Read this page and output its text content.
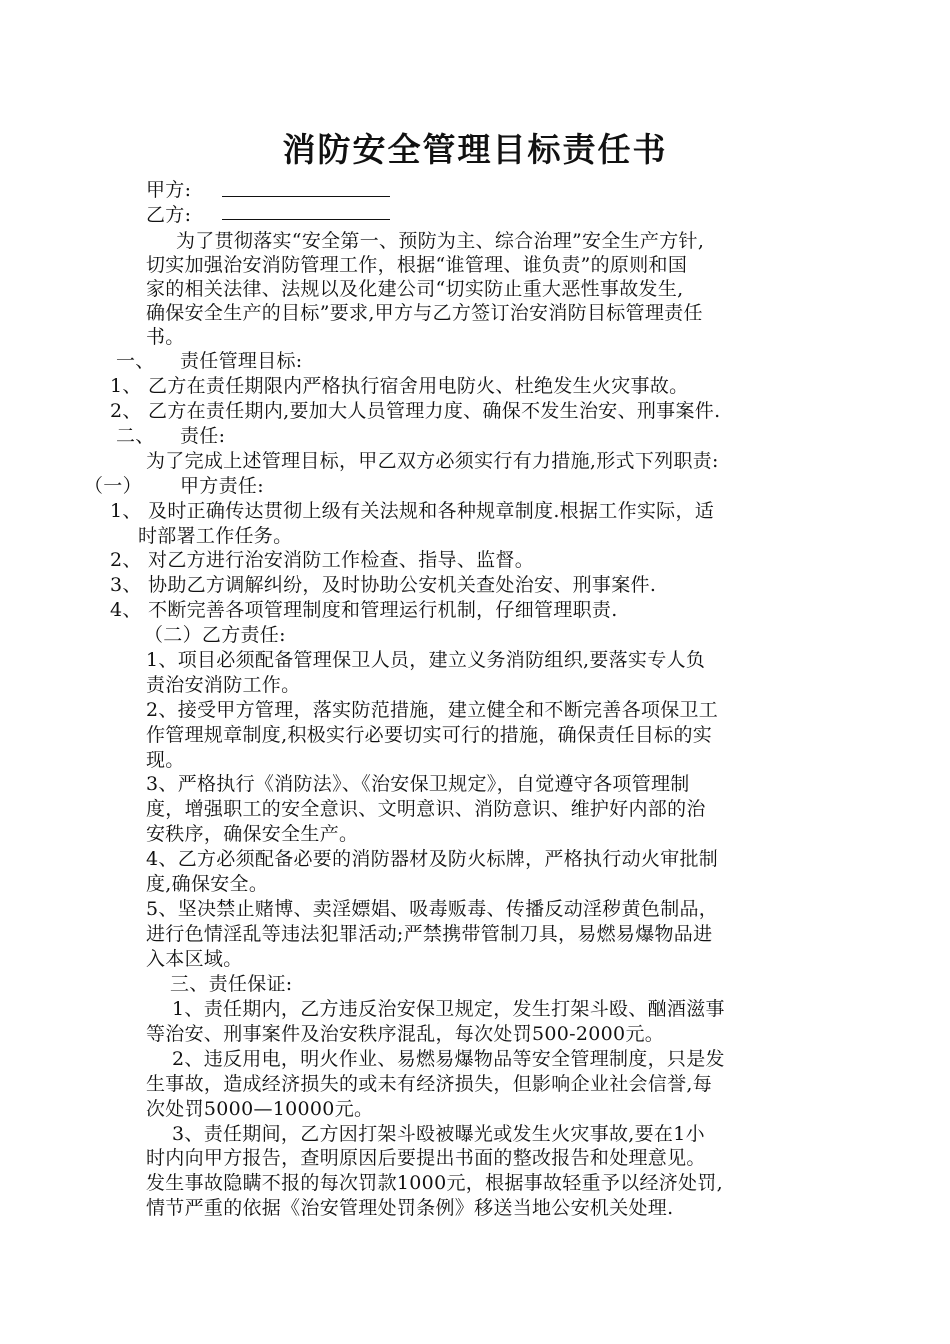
消防安全管理目标责任书
甲方:
乙方:
为了贯彻落实“安全第一、预防为主、综合治理”安全生产方针,
切实加强治安消防管理工作，根据“谁管理、谁负责”的原则和国
家的相关法律、法规以及化建公司“切实防止重大恶性事故发生,
确保安全生产的目标”要求,甲方与乙方签订治安消防目标管理责任
书。
一、 责任管理目标:
1、 乙方在责任期限内严格执行宿舍用电防火、杜绝发生火灾事故。
2、 乙方在责任期内,要加大人员管理力度、确保不发生治安、刑事案件.
二、 责任:
为了完成上述管理目标，甲乙双方必须实行有力措施,形式下列职责:
（一） 甲方责任:
1、 及时正确传达贯彻上级有关法规和各种规章制度.根据工作实际，适
时部署工作任务。
2、 对乙方进行治安消防工作检查、指导、监督。
3、 协助乙方调解纠纷，及时协助公安机关查处治安、刑事案件.
4、 不断完善各项管理制度和管理运行机制，仔细管理职责.
（二）乙方责任:
1、项目必须配备管理保卫人员，建立义务消防组织,要落实专人负
责治安消防工作。
2、接受甲方管理，落实防范措施，建立健全和不断完善各项保卫工
作管理规章制度,积极实行必要切实可行的措施，确保责任目标的实
现。
3、严格执行《消防法》、《治安保卫规定》，自觉遵守各项管理制
度，增强职工的安全意识、文明意识、消防意识、维护好内部的治
安秩序，确保安全生产。
4、乙方必须配备必要的消防器材及防火标牌，严格执行动火审批制
度,确保安全。
5、坚决禁止赌博、卖淫嫖娼、吸毒贩毒、传播反动淫秽黄色制品，
进行色情淫乱等违法犯罪活动;严禁携带管制刀具，易燃易爆物品进
入本区域。
三、责任保证:
1、责任期内，乙方违反治安保卫规定，发生打架斗殴、酗酒滋事
等治安、刑事案件及治安秩序混乱，每次处罚500-2000元。
2、违反用电，明火作业、易燃易爆物品等安全管理制度，只是发
生事故，造成经济损失的或未有经济损失，但影响企业社会信誉,每
次处罚5000—10000元。
3、责任期间，乙方因打架斗殴被曝光或发生火灾事故,要在1小
时内向甲方报告，查明原因后要提出书面的整改报告和处理意见。
发生事故隐瞒不报的每次罚款1000元，根据事故轻重予以经济处罚,
情节严重的依据《治安管理处罚条例》移送当地公安机关处理.
